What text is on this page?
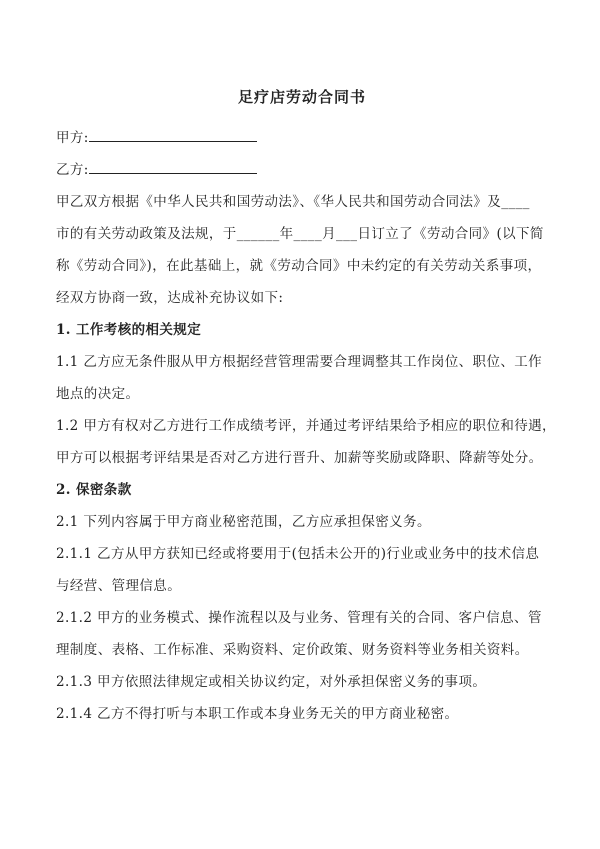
足疗店劳动合同书
甲方:
乙方:
甲乙双方根据《中华人民共和国劳动法》、《华人民共和国劳动合同法》及____
市的有关劳动政策及法规，于______年____月___日订立了《劳动合同》(以下简
称《劳动合同》)，在此基础上，就《劳动合同》中未约定的有关劳动关系事项，
经双方协商一致，达成补充协议如下:
1. 工作考核的相关规定
1.1 乙方应无条件服从甲方根据经营管理需要合理调整其工作岗位、职位、工作
地点的决定。
1.2 甲方有权对乙方进行工作成绩考评，并通过考评结果给予相应的职位和待遇，
甲方可以根据考评结果是否对乙方进行晋升、加薪等奖励或降职、降薪等处分。
2. 保密条款
2.1 下列内容属于甲方商业秘密范围，乙方应承担保密义务。
2.1.1 乙方从甲方获知已经或将要用于(包括未公开的)行业或业务中的技术信息
与经营、管理信息。
2.1.2 甲方的业务模式、操作流程以及与业务、管理有关的合同、客户信息、管
理制度、表格、工作标准、采购资料、定价政策、财务资料等业务相关资料。
2.1.3 甲方依照法律规定或相关协议约定，对外承担保密义务的事项。
2.1.4 乙方不得打听与本职工作或本身业务无关的甲方商业秘密。
